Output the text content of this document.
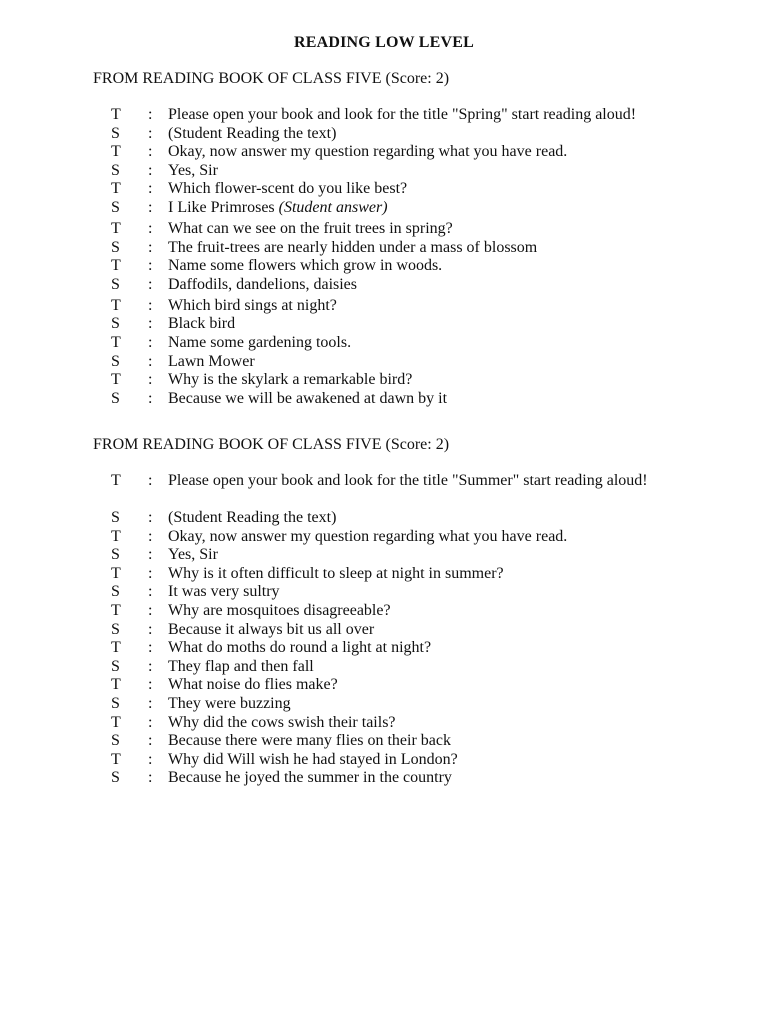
READING LOW LEVEL
FROM READING BOOK OF CLASS FIVE (Score: 2)
T : Please open your book and look for the title "Spring" start reading aloud!
S	: (Student Reading the text)
T : Okay, now answer my question regarding what you have read.
S	: Yes, Sir
T : Which flower-scent do you like best?
S	: I Like Primroses (Student answer)
T : What can we see on the fruit trees in spring?
S	: The fruit-trees are nearly hidden under a mass of blossom
T : Name some flowers which grow in woods.
S	: Daffodils, dandelions, daisies
T : Which bird sings at night?
S	: Black bird
T : Name some gardening tools.
S	: Lawn Mower
T : Why is the skylark a remarkable bird?
S	: Because we will be awakened at dawn by it
FROM READING BOOK OF CLASS FIVE (Score: 2)
T : Please open your book and look for the title "Summer" start reading aloud!
S	: (Student Reading the text)
T : Okay, now answer my question regarding what you have read.
S	: Yes, Sir
T : Why is it often difficult to sleep at night in summer?
S	: It was very sultry
T : Why are mosquitoes disagreeable?
S	: Because it always bit us all over
T : What do moths do round a light at night?
S	: They flap and then fall
T : What noise do flies make?
S	: They were buzzing
T : Why did the cows swish their tails?
S	: Because there were many flies on their back
T : Why did Will wish he had stayed in London?
S	: Because he joyed the summer in the country
